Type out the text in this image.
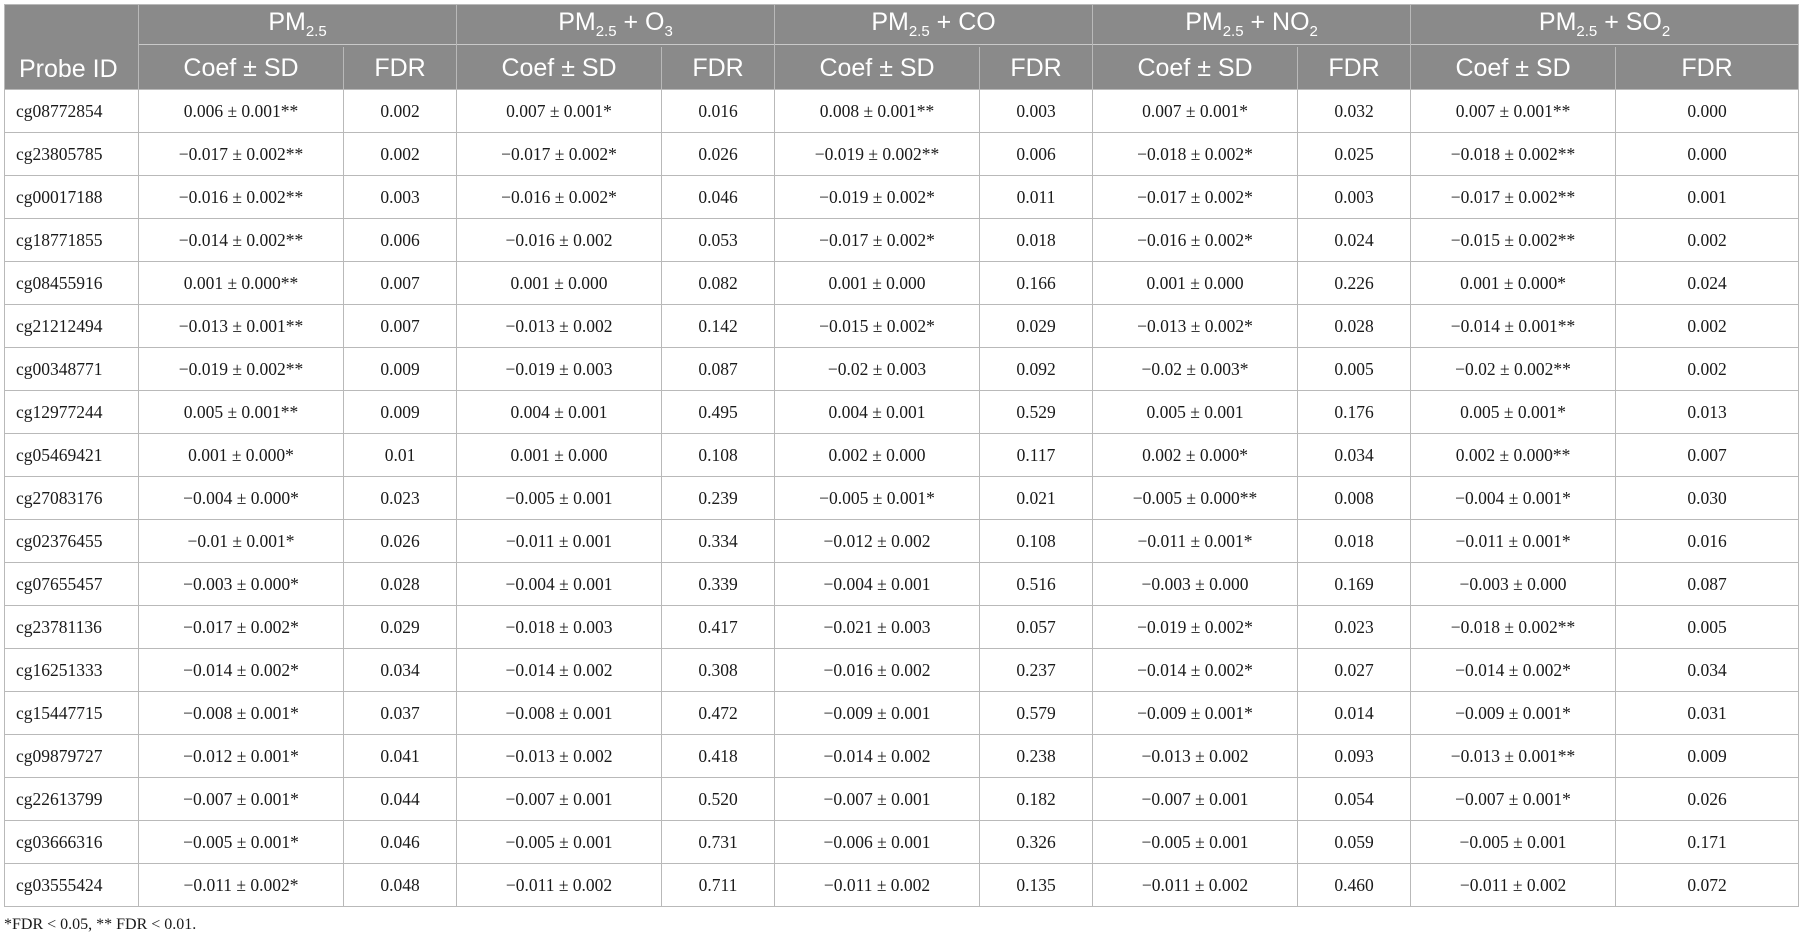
Probe ID	$PM_{2.5}$		$PM_{2.5} + O_3$		$PM_{2.5}$ + CO		$PM_{2.5} + NO_2$		$PM_{2.5} + SO_2$
	Coef ± SD	FDR	Coef ± SD	FDR	Coef ± SD	FDR	Coef ± SD	FDR	Coef ± SD	FDR
cg08772854	0.006 ± 0.001**	0.002	0.007 ± 0.001*	0.016	0.008 ± 0.001**	0.003	0.007 ± 0.001*	0.032	0.007 ± 0.001**	0.000
cg23805785	−0.017 ± 0.002**	0.002	−0.017 ± 0.002*	0.026	−0.019 ± 0.002**	0.006	−0.018 ± 0.002*	0.025	−0.018 ± 0.002**	0.000
cg00017188	−0.016 ± 0.002**	0.003	−0.016 ± 0.002*	0.046	−0.019 ± 0.002*	0.011	−0.017 ± 0.002*	0.003	−0.017 ± 0.002**	0.001
cg18771855	−0.014 ± 0.002**	0.006	−0.016 ± 0.002	0.053	−0.017 ± 0.002*	0.018	−0.016 ± 0.002*	0.024	−0.015 ± 0.002**	0.002
cg08455916	0.001 ± 0.000**	0.007	0.001 ± 0.000	0.082	0.001 ± 0.000	0.166	0.001 ± 0.000	0.226	0.001 ± 0.000*	0.024
cg21212494	−0.013 ± 0.001**	0.007	−0.013 ± 0.002	0.142	−0.015 ± 0.002*	0.029	−0.013 ± 0.002*	0.028	−0.014 ± 0.001**	0.002
cg00348771	−0.019 ± 0.002**	0.009	−0.019 ± 0.003	0.087	−0.02 ± 0.003	0.092	−0.02 ± 0.003*	0.005	−0.02 ± 0.002**	0.002
cg12977244	0.005 ± 0.001**	0.009	0.004 ± 0.001	0.495	0.004 ± 0.001	0.529	0.005 ± 0.001	0.176	0.005 ± 0.001*	0.013
cg05469421	0.001 ± 0.000*	0.01	0.001 ± 0.000	0.108	0.002 ± 0.000	0.117	0.002 ± 0.000*	0.034	0.002 ± 0.000**	0.007
cg27083176	−0.004 ± 0.000*	0.023	−0.005 ± 0.001	0.239	−0.005 ± 0.001*	0.021	−0.005 ± 0.000**	0.008	−0.004 ± 0.001*	0.030
cg02376455	−0.01 ± 0.001*	0.026	−0.011 ± 0.001	0.334	−0.012 ± 0.002	0.108	−0.011 ± 0.001*	0.018	−0.011 ± 0.001*	0.016
cg07655457	−0.003 ± 0.000*	0.028	−0.004 ± 0.001	0.339	−0.004 ± 0.001	0.516	−0.003 ± 0.000	0.169	−0.003 ± 0.000	0.087
cg23781136	−0.017 ± 0.002*	0.029	−0.018 ± 0.003	0.417	−0.021 ± 0.003	0.057	−0.019 ± 0.002*	0.023	−0.018 ± 0.002**	0.005
cg16251333	−0.014 ± 0.002*	0.034	−0.014 ± 0.002	0.308	−0.016 ± 0.002	0.237	−0.014 ± 0.002*	0.027	−0.014 ± 0.002*	0.034
cg15447715	−0.008 ± 0.001*	0.037	−0.008 ± 0.001	0.472	−0.009 ± 0.001	0.579	−0.009 ± 0.001*	0.014	−0.009 ± 0.001*	0.031
cg09879727	−0.012 ± 0.001*	0.041	−0.013 ± 0.002	0.418	−0.014 ± 0.002	0.238	−0.013 ± 0.002	0.093	−0.013 ± 0.001**	0.009
cg22613799	−0.007 ± 0.001*	0.044	−0.007 ± 0.001	0.520	−0.007 ± 0.001	0.182	−0.007 ± 0.001	0.054	−0.007 ± 0.001*	0.026
cg03666316	−0.005 ± 0.001*	0.046	−0.005 ± 0.001	0.731	−0.006 ± 0.001	0.326	−0.005 ± 0.001	0.059	−0.005 ± 0.001	0.171
cg03555424	−0.011 ± 0.002*	0.048	−0.011 ± 0.002	0.711	−0.011 ± 0.002	0.135	−0.011 ± 0.002	0.460	−0.011 ± 0.002	0.072
*FDR < 0.05, ** FDR < 0.01.
